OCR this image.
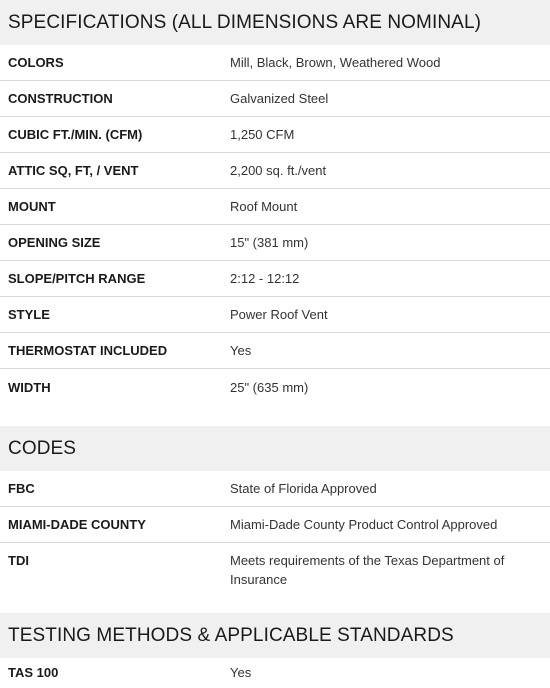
SPECIFICATIONS (ALL DIMENSIONS ARE NOMINAL)
COLORS	Mill, Black, Brown, Weathered Wood
CONSTRUCTION	Galvanized Steel
CUBIC FT./MIN. (CFM)	1,250 CFM
ATTIC SQ, FT, / VENT	2,200 sq. ft./vent
MOUNT	Roof Mount
OPENING SIZE	15" (381 mm)
SLOPE/PITCH RANGE	2:12 - 12:12
STYLE	Power Roof Vent
THERMOSTAT INCLUDED	Yes
WIDTH	25" (635 mm)
CODES
FBC	State of Florida Approved
MIAMI-DADE COUNTY	Miami-Dade County Product Control Approved
TDI	Meets requirements of the Texas Department of Insurance
TESTING METHODS & APPLICABLE STANDARDS
TAS 100	Yes
